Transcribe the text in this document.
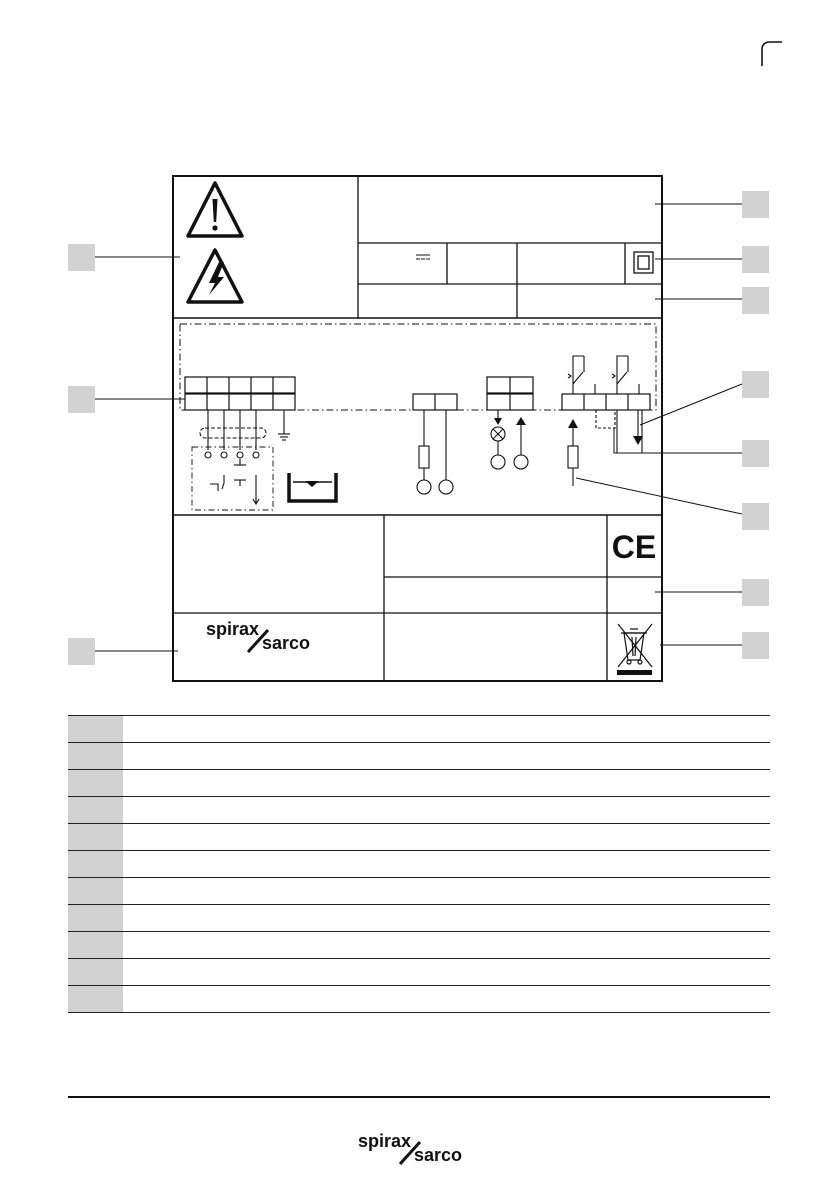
CE
spirax
sarco

spirax
sarco
